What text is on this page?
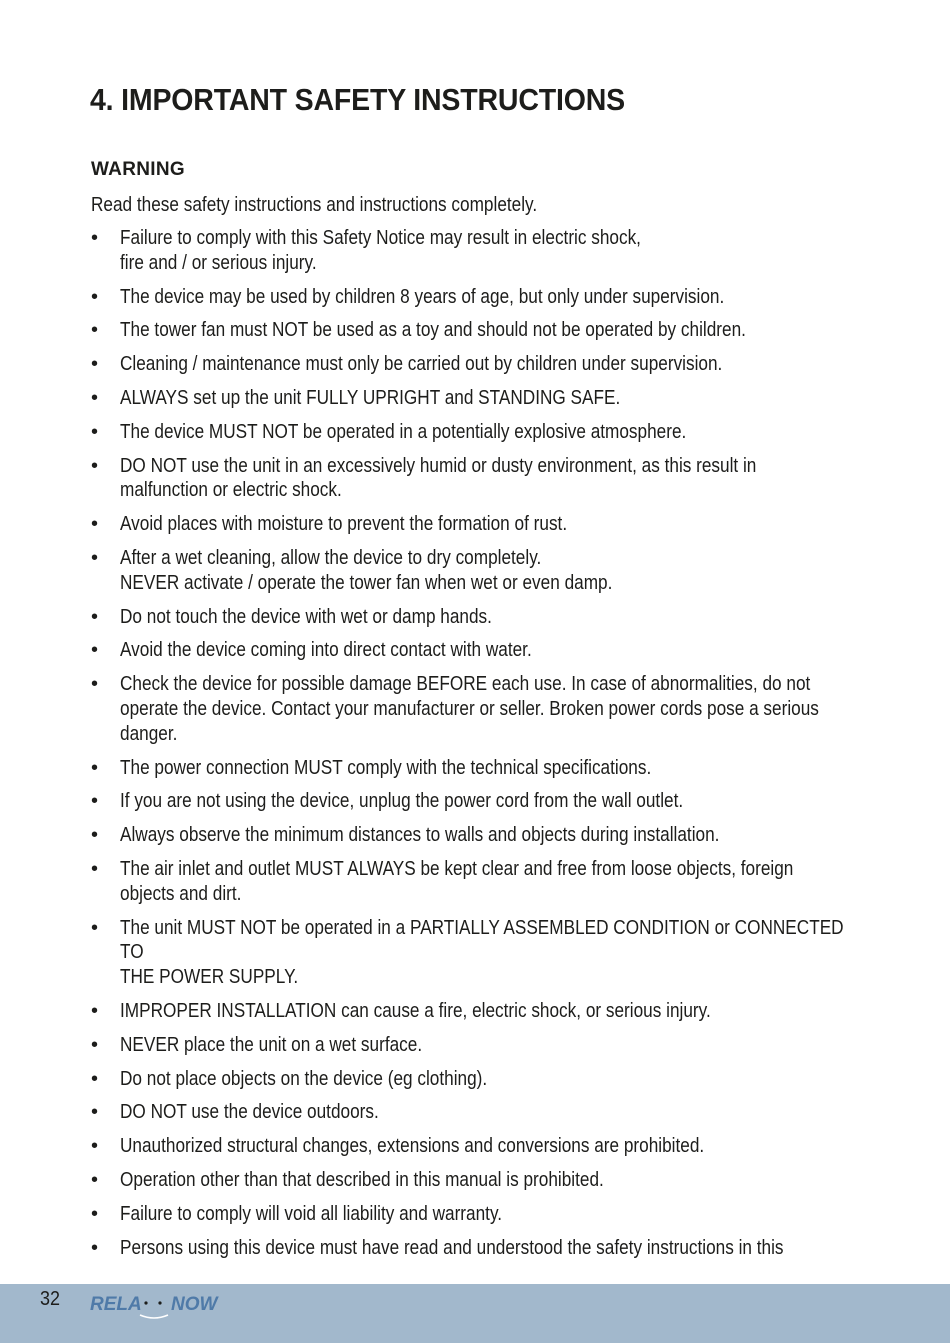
4. IMPORTANT SAFETY INSTRUCTIONS
WARNING

Read these safety instructions and instructions completely.

•	Failure to comply with this Safety Notice may result in electric shock,
fire and / or serious injury.
•	The device may be used by children 8 years of age, but only under supervision.
•	The tower fan must NOT be used as a toy and should not be operated by children.
•	Cleaning / maintenance must only be carried out by children under supervision.
•	ALWAYS set up the unit FULLY UPRIGHT and STANDING SAFE.
•	The device MUST NOT be operated in a potentially explosive atmosphere.
•	DO NOT use the unit in an excessively humid or dusty environment, as this result in
malfunction or electric shock.
•	Avoid places with moisture to prevent the formation of rust.
•	After a wet cleaning, allow the device to dry completely.
NEVER activate / operate the tower fan when wet or even damp.
•	Do not touch the device with wet or damp hands.
•	Avoid the device coming into direct contact with water.
•	Check the device for possible damage BEFORE each use. In case of abnormalities, do not
operate the device. Contact your manufacturer or seller. Broken power cords pose a serious
danger.
•	The power connection MUST comply with the technical specifications.
•	If you are not using the device, unplug the power cord from the wall outlet.
•	Always observe the minimum distances to walls and objects during installation.
•	The air inlet and outlet MUST ALWAYS be kept clear and free from loose objects, foreign
objects and dirt.
•	The unit MUST NOT be operated in a PARTIALLY ASSEMBLED CONDITION or CONNECTED TO
THE POWER SUPPLY.
•	IMPROPER INSTALLATION can cause a fire, electric shock, or serious injury.
•	NEVER place the unit on a wet surface.
•	Do not place objects on the device (eg clothing).
•	DO NOT use the device outdoors.
•	Unauthorized structural changes, extensions and conversions are prohibited.
•	Operation other than that described in this manual is prohibited.
•	Failure to comply will void all liability and warranty.
•	Persons using this device must have read and understood the safety instructions in this
32 RELA NOW
